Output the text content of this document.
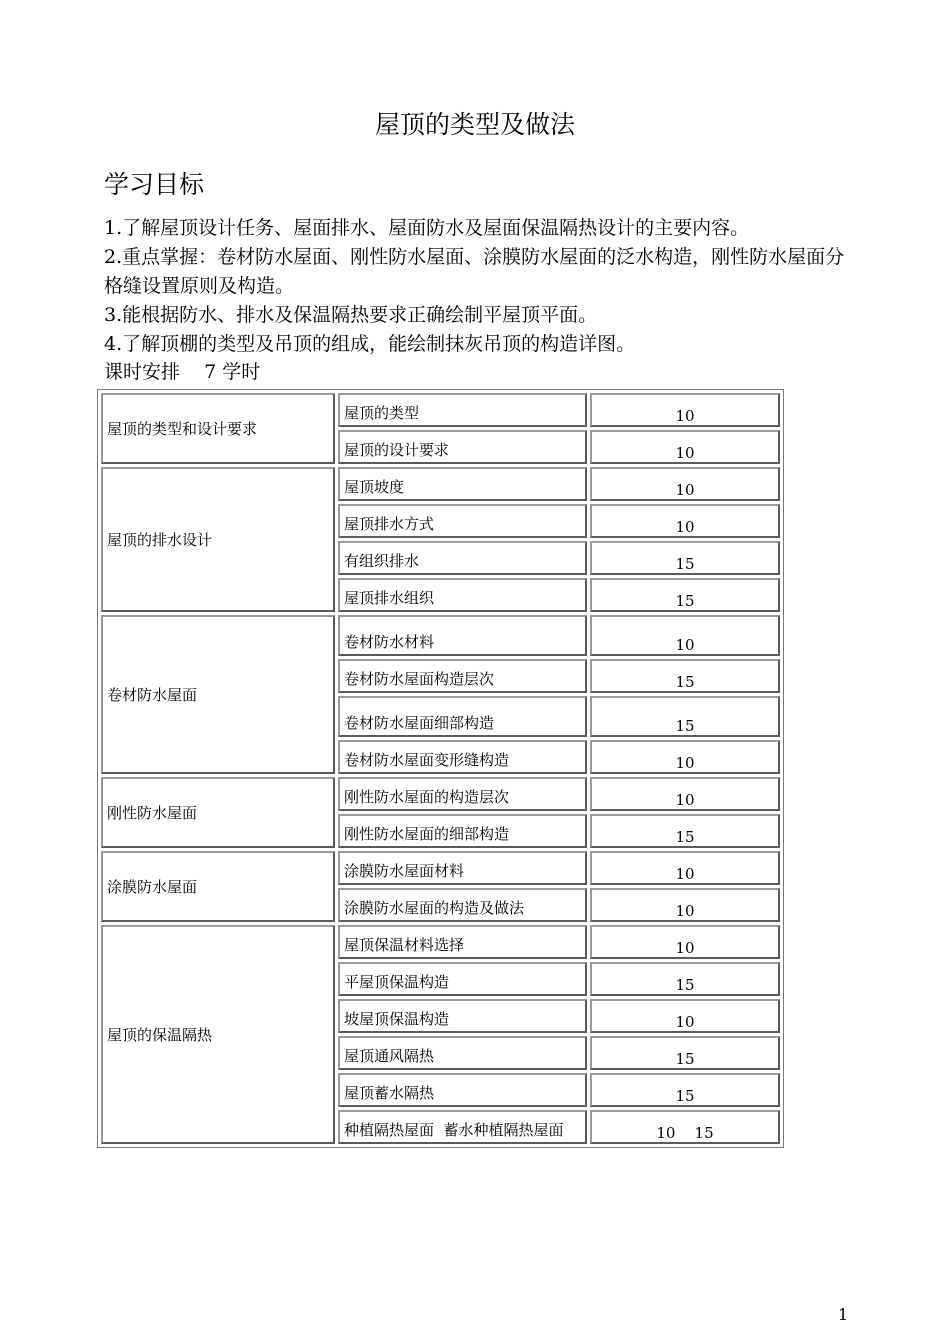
屋顶的类型及做法
学习目标

1.了解屋顶设计任务、屋面排水、屋面防水及屋面保温隔热设计的主要内容。

2.重点掌握：卷材防水屋面、刚性防水屋面、涂膜防水屋面的泛水构造，刚性防水屋面分格缝设置原则及构造。

3.能根据防水、排水及保温隔热要求正确绘制平屋顶平面。

4.了解顶棚的类型及吊顶的组成，能绘制抹灰吊顶的构造详图。

课时安排    7 学时
屋顶的类型和设计要求	屋顶的类型	10
	屋顶的设计要求	10
屋顶的排水设计	屋顶坡度	10
	屋顶排水方式	10
	有组织排水	15
	屋顶排水组织	15
卷材防水屋面	卷材防水材料	10
	卷材防水屋面构造层次	15
	卷材防水屋面细部构造	15
	卷材防水屋面变形缝构造	10
刚性防水屋面	刚性防水屋面的构造层次	10
	刚性防水屋面的细部构造	15
涂膜防水屋面	涂膜防水屋面材料	10
	涂膜防水屋面的构造及做法	10
屋顶的保温隔热	屋顶保温材料选择	10
	平屋顶保温构造	15
	坡屋顶保温构造	10
	屋顶通风隔热	15
	屋顶蓄水隔热	15
	种植隔热屋面  蓄水种植隔热屋面	10    15
1
